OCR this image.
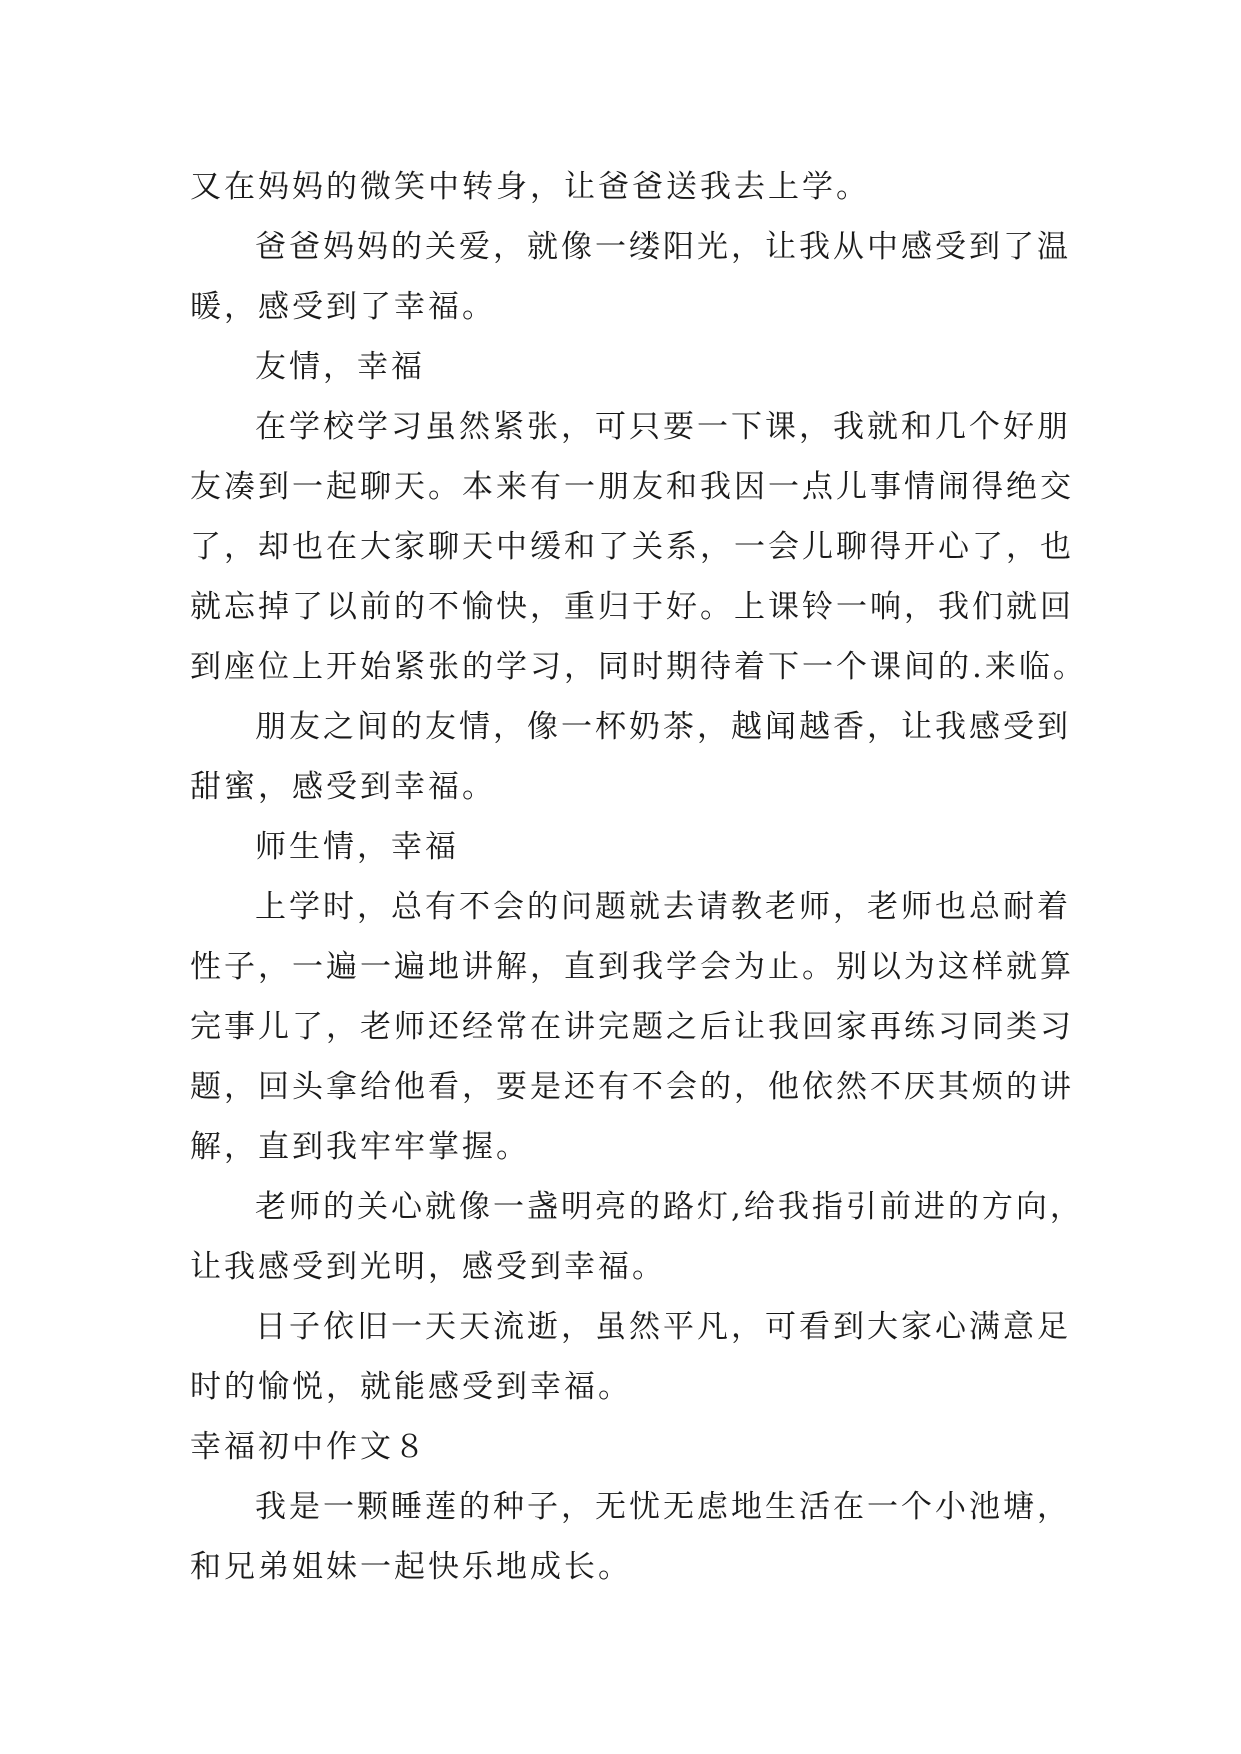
又在妈妈的微笑中转身，让爸爸送我去上学。
爸爸妈妈的关爱，就像一缕阳光，让我从中感受到了温
暖，感受到了幸福。
友情，幸福
在学校学习虽然紧张，可只要一下课，我就和几个好朋
友凑到一起聊天。本来有一朋友和我因一点儿事情闹得绝交
了，却也在大家聊天中缓和了关系，一会儿聊得开心了，也
就忘掉了以前的不愉快，重归于好。上课铃一响，我们就回
到座位上开始紧张的学习，同时期待着下一个课间的.来临。
朋友之间的友情，像一杯奶茶，越闻越香，让我感受到
甜蜜，感受到幸福。
师生情，幸福
上学时，总有不会的问题就去请教老师，老师也总耐着
性子，一遍一遍地讲解，直到我学会为止。别以为这样就算
完事儿了，老师还经常在讲完题之后让我回家再练习同类习
题，回头拿给他看，要是还有不会的，他依然不厌其烦的讲
解，直到我牢牢掌握。
老师的关心就像一盏明亮的路灯,给我指引前进的方向，
让我感受到光明，感受到幸福。
日子依旧一天天流逝，虽然平凡，可看到大家心满意足
时的愉悦，就能感受到幸福。
幸福初中作文８
我是一颗睡莲的种子，无忧无虑地生活在一个小池塘，
和兄弟姐妹一起快乐地成长。
